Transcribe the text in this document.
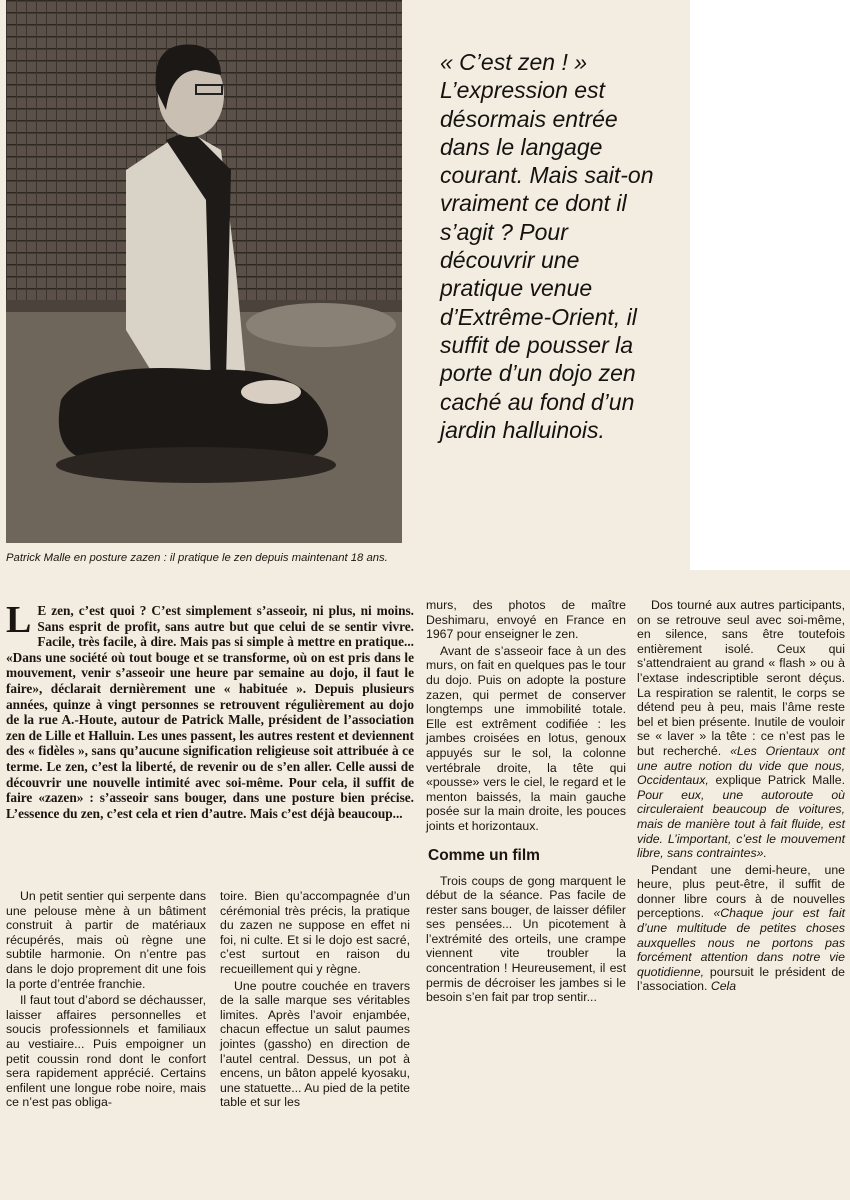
Patrick Malle en posture zazen : il pratique le zen depuis maintenant 18 ans.
« C’est zen ! »
L’expression est
désormais entrée
dans le langage
courant. Mais sait-on
vraiment ce dont il
s’agit ? Pour
découvrir une
pratique venue
d’Extrême-Orient, il
suffit de pousser la
porte d’un dojo zen
caché au fond d’un
jardin halluinois.
L E zen, c’est quoi ? C’est simplement s’asseoir, ni plus, ni moins. Sans esprit de profit, sans autre but que celui de se sentir vivre. Facile, très facile, à dire. Mais pas si simple à mettre en pratique... «Dans une société où tout bouge et se transforme, où on est pris dans le mouvement, venir s’asseoir une heure par semaine au dojo, il faut le faire», déclarait dernièrement une « habituée ». Depuis plusieurs années, quinze à vingt personnes se retrouvent régulièrement au dojo de la rue A.-Houte, autour de Patrick Malle, président de l’association zen de Lille et Halluin. Les unes passent, les autres restent et deviennent des « fidèles », sans qu’aucune signification religieuse soit attribuée à ce terme. Le zen, c’est la liberté, de revenir ou de s’en aller. Celle aussi de découvrir une nouvelle intimité avec soi-même. Pour cela, il suffit de faire «zazen» : s’asseoir sans bouger, dans une posture bien précise. L’essence du zen, c’est cela et rien d’autre. Mais c’est déjà beaucoup...

Un petit sentier qui serpente dans une pelouse mène à un bâtiment construit à partir de matériaux récupérés, mais où règne une subtile harmonie. On n’entre pas dans le dojo proprement dit une fois la porte d’entrée franchie.

Il faut tout d’abord se déchausser, laisser affaires personnelles et soucis professionnels et familiaux au vestiaire... Puis empoigner un petit coussin rond dont le confort sera rapidement apprécié. Certains enfilent une longue robe noire, mais ce n’est pas obliga-

toire. Bien qu’accompagnée d’un cérémonial très précis, la pratique du zazen ne suppose en effet ni foi, ni culte. Et si le dojo est sacré, c’est surtout en raison du recueillement qui y règne.

Une poutre couchée en travers de la salle marque ses véritables limites. Après l’avoir enjambée, chacun effectue un salut paumes jointes (gassho) en direction de l’autel central. Dessus, un pot à encens, un bâton appelé kyosaku, une statuette... Au pied de la petite table et sur les

murs, des photos de maître Deshimaru, envoyé en France en 1967 pour enseigner le zen.

Avant de s’asseoir face à un des murs, on fait en quelques pas le tour du dojo. Puis on adopte la posture zazen, qui permet de conserver longtemps une immobilité totale. Elle est extrêment codifiée : les jambes croisées en lotus, genoux appuyés sur le sol, la colonne vertébrale droite, la tête qui «pousse» vers le ciel, le regard et le menton baissés, la main gauche posée sur la main droite, les pouces joints et horizontaux.

Comme un film

Trois coups de gong marquent le début de la séance. Pas facile de rester sans bouger, de laisser défiler ses pensées... Un picotement à l’extrémité des orteils, une crampe viennent vite troubler la concentration ! Heureusement, il est permis de décroiser les jambes si le besoin s’en fait par trop sentir...

Dos tourné aux autres participants, on se retrouve seul avec soi-même, en silence, sans être toutefois entièrement isolé. Ceux qui s’attendraient au grand « flash » ou à l’extase indescriptible seront déçus. La respiration se ralentit, le corps se détend peu à peu, mais l’âme reste bel et bien présente. Inutile de vouloir se « laver » la tête : ce n’est pas le but recherché. «Les Orientaux ont une autre notion du vide que nous, Occidentaux, explique Patrick Malle. Pour eux, une autoroute où circuleraient beaucoup de voitures, mais de manière tout à fait fluide, est vide. L’important, c’est le mouvement libre, sans contraintes».

Pendant une demi-heure, une heure, plus peut-être, il suffit de donner libre cours à de nouvelles perceptions. «Chaque jour est fait d’une multitude de petites choses auxquelles nous ne portons pas forcément attention dans notre vie quotidienne, poursuit le président de l’association. Cela
